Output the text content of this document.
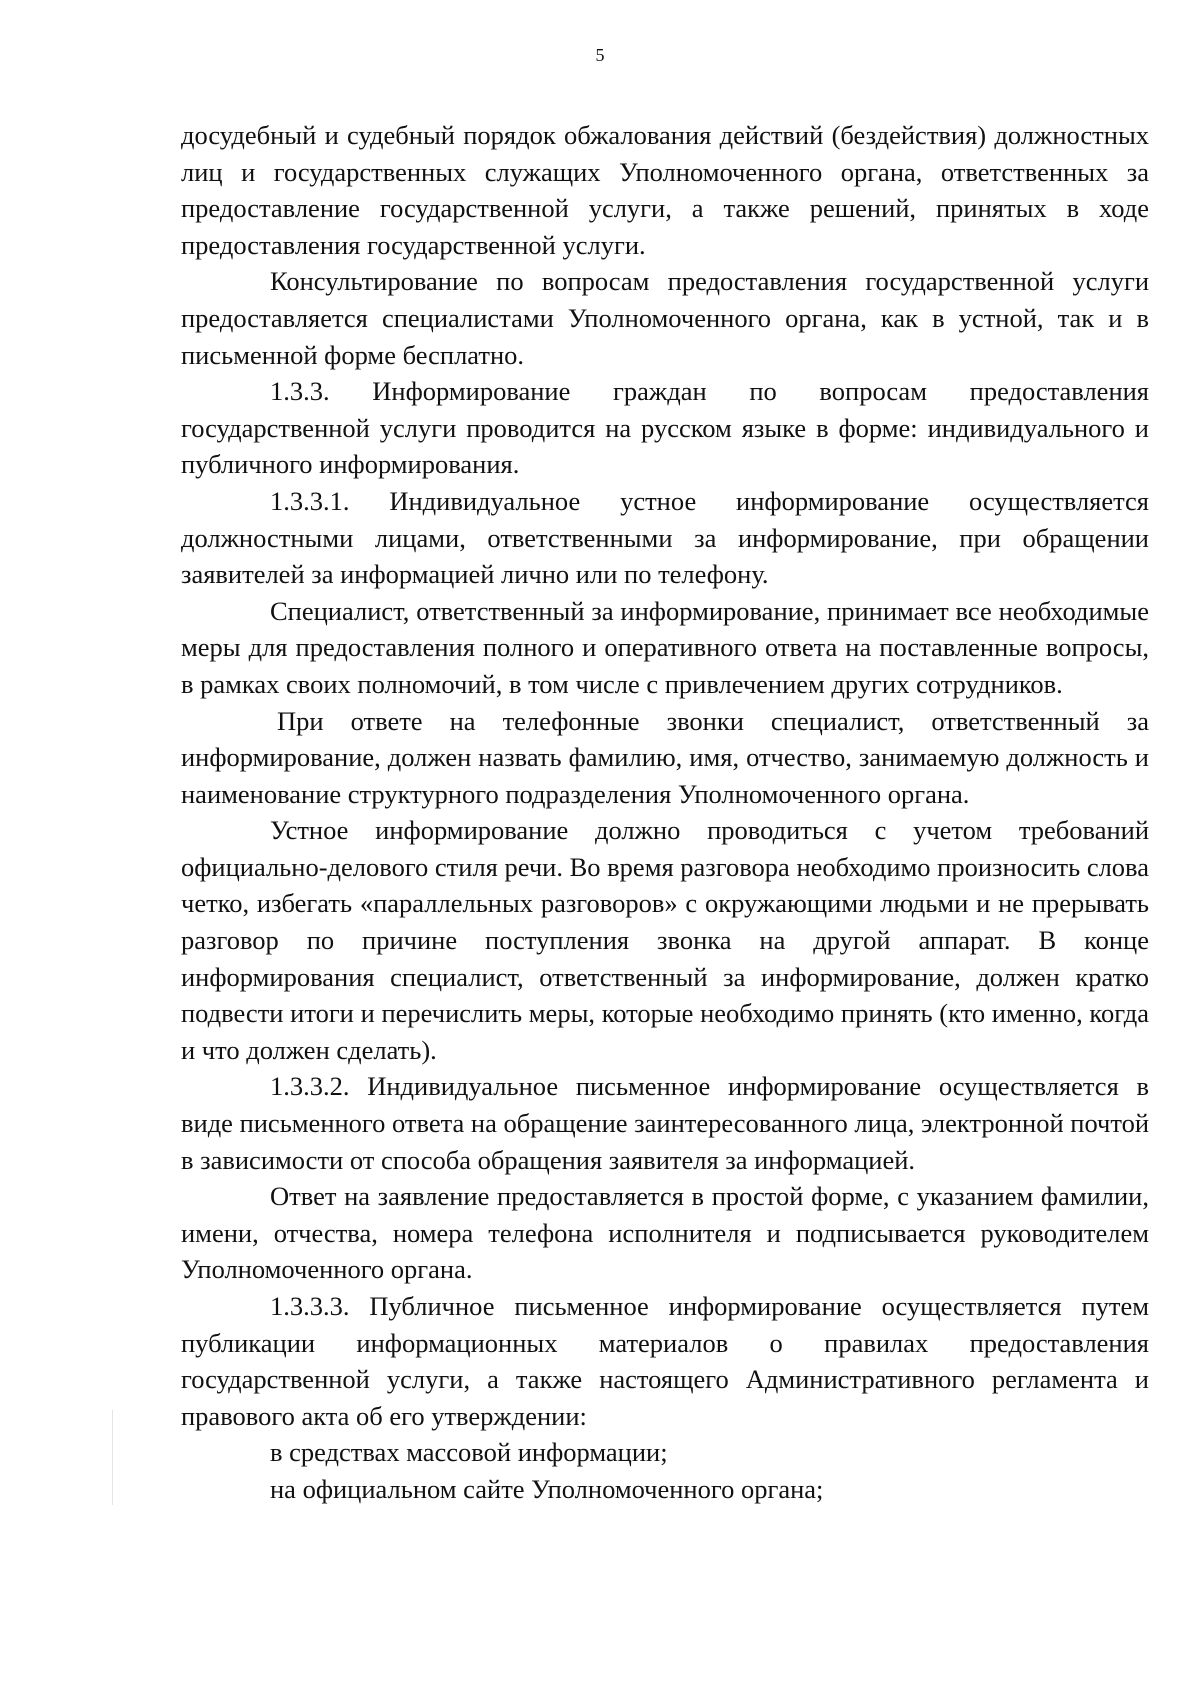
5

досудебный и судебный порядок обжалования действий (бездействия) должностных лиц и государственных служащих Уполномоченного органа, ответственных за предоставление государственной услуги, а также решений, принятых в ходе предоставления государственной услуги.

Консультирование по вопросам предоставления государственной услуги предоставляется специалистами Уполномоченного органа, как в устной, так и в письменной форме бесплатно.

1.3.3. Информирование граждан по вопросам предоставления государственной услуги проводится на русском языке в форме: индивидуального и публичного информирования.

1.3.3.1. Индивидуальное устное информирование осуществляется должностными лицами, ответственными за информирование, при обращении заявителей за информацией лично или по телефону.

Специалист, ответственный за информирование, принимает все необходимые меры для предоставления полного и оперативного ответа на поставленные вопросы, в рамках своих полномочий, в том числе с привлечением других сотрудников.

При ответе на телефонные звонки специалист, ответственный за информирование, должен назвать фамилию, имя, отчество, занимаемую должность и наименование структурного подразделения Уполномоченного органа.

Устное информирование должно проводиться с учетом требований официально-делового стиля речи. Во время разговора необходимо произносить слова четко, избегать «параллельных разговоров» с окружающими людьми и не прерывать разговор по причине поступления звонка на другой аппарат. В конце информирования специалист, ответственный за информирование, должен кратко подвести итоги и перечислить меры, которые необходимо принять (кто именно, когда и что должен сделать).

1.3.3.2. Индивидуальное письменное информирование осуществляется в виде письменного ответа на обращение заинтересованного лица, электронной почтой в зависимости от способа обращения заявителя за информацией.

Ответ на заявление предоставляется в простой форме, с указанием фамилии, имени, отчества, номера телефона исполнителя и подписывается руководителем Уполномоченного органа.

1.3.3.3. Публичное письменное информирование осуществляется путем публикации информационных материалов о правилах предоставления государственной услуги, а также настоящего Административного регламента и правового акта об его утверждении:

в средствах массовой информации;

на официальном сайте Уполномоченного органа;
